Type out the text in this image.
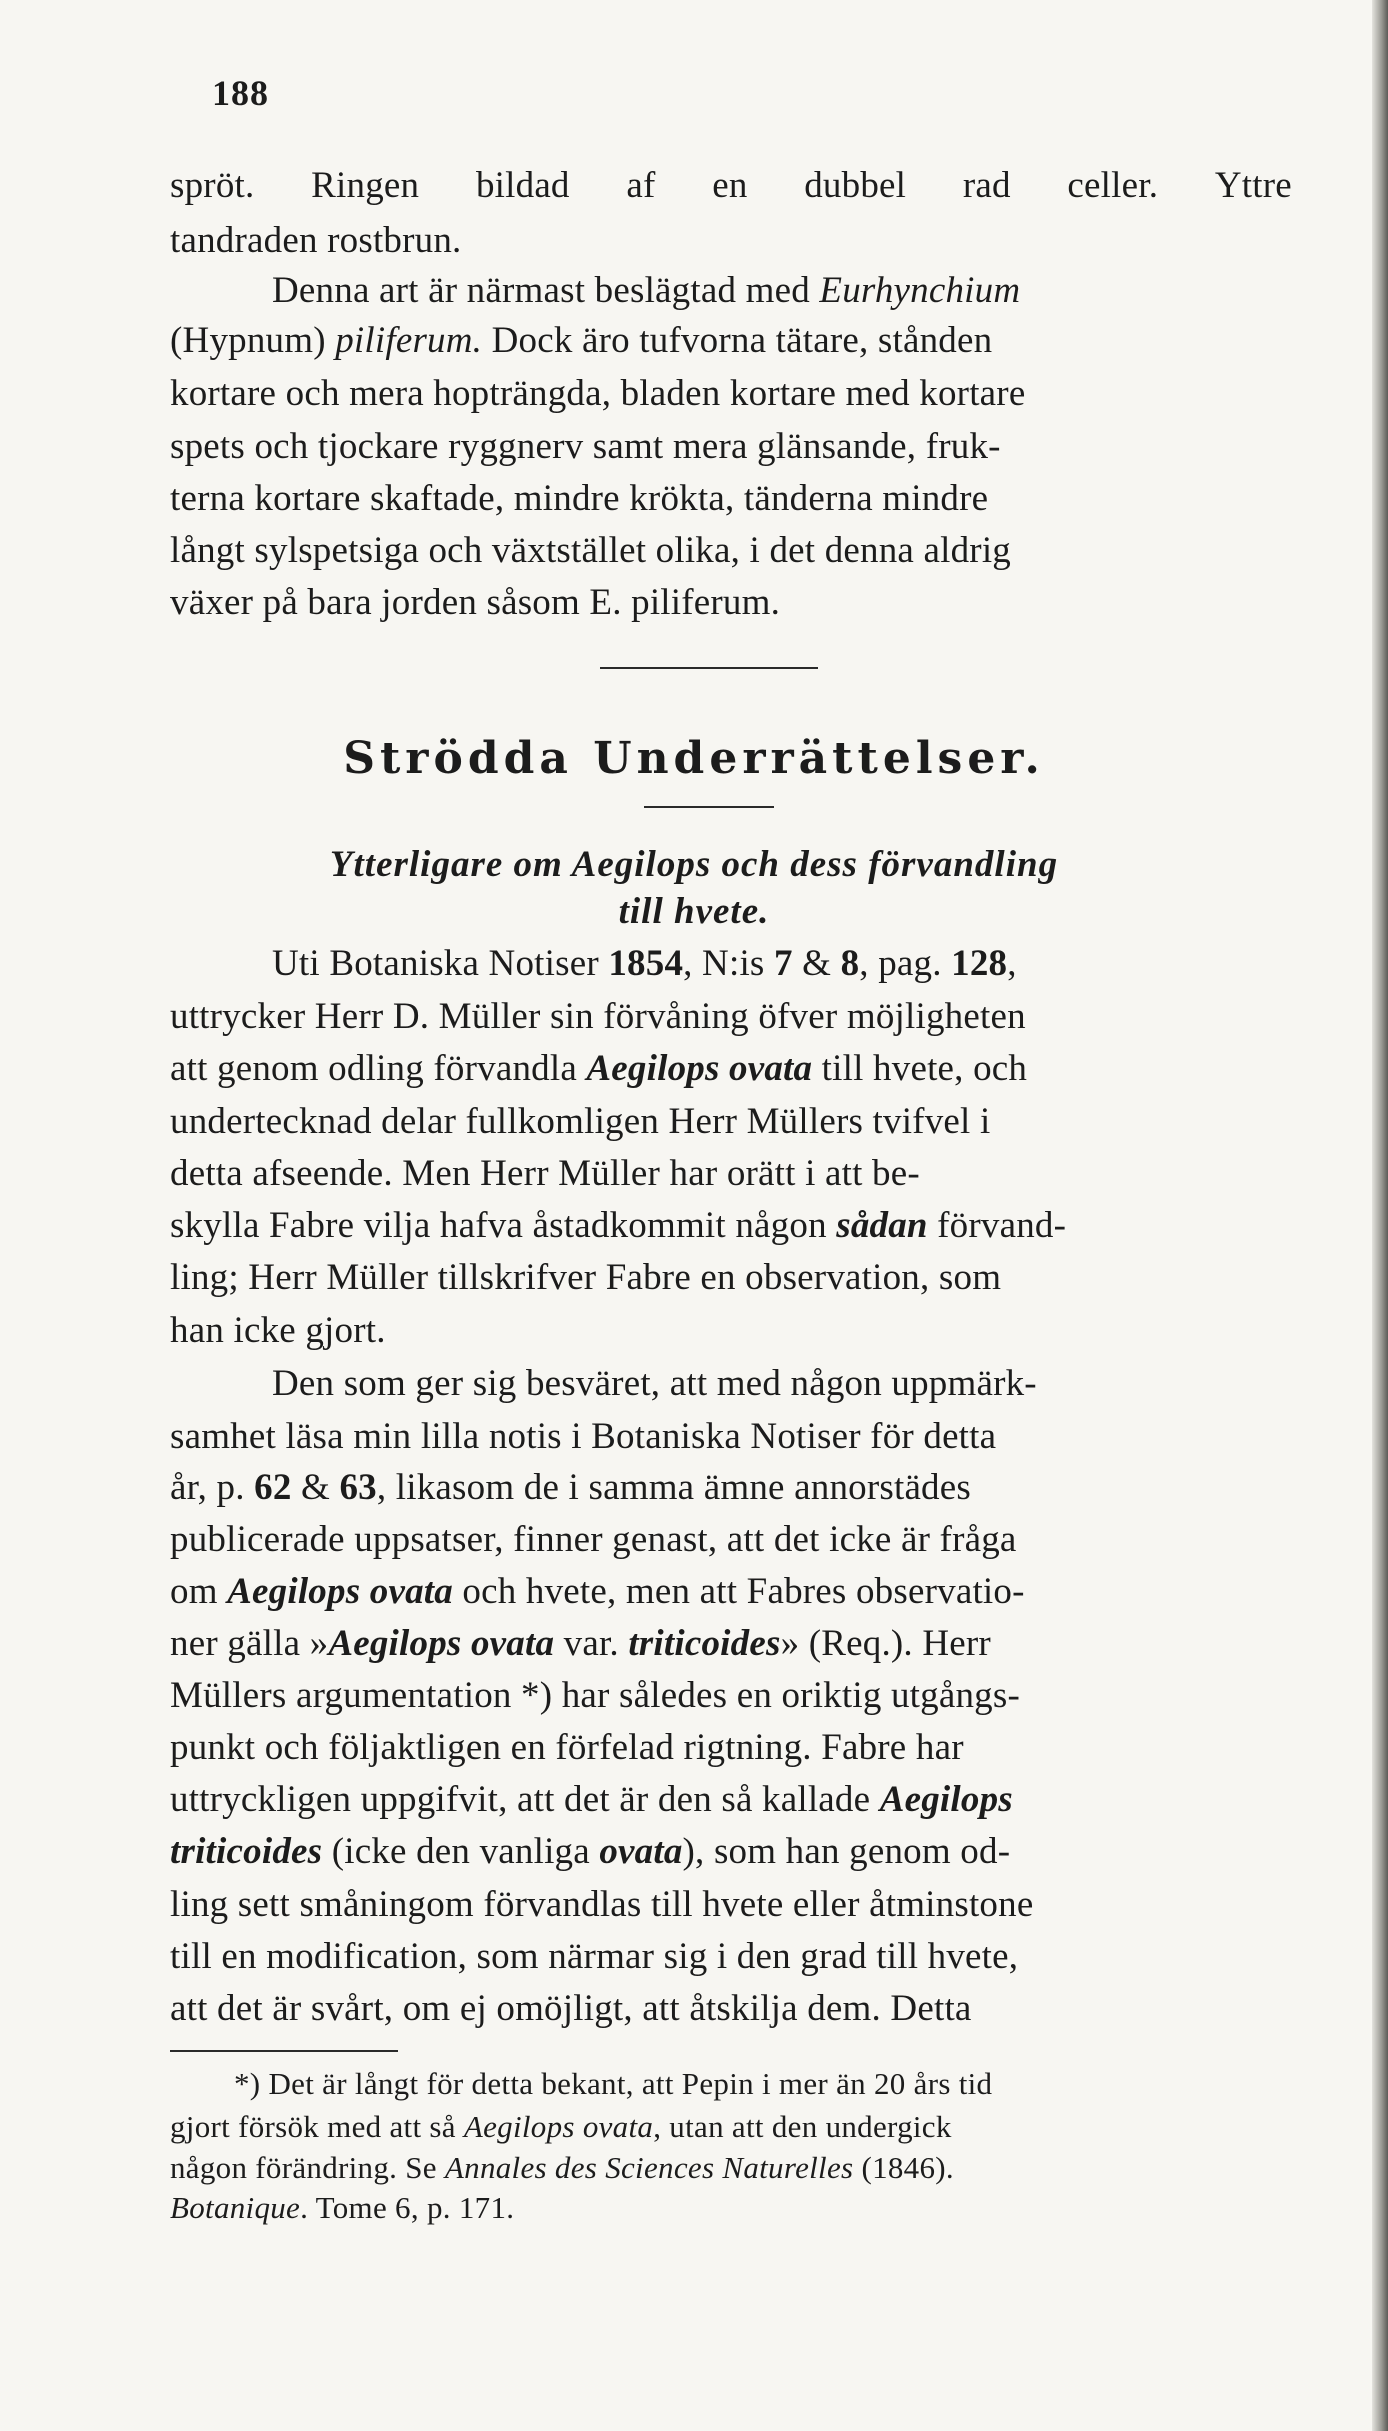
188
spröt. Ringen bildad af en dubbel rad celler. Yttre
tandraden rostbrun.
Denna art är närmast beslägtad med Eurhynchium
(Hypnum) piliferum. Dock äro tufvorna tätare, stånden
kortare och mera hopträngda, bladen kortare med kortare
spets och tjockare ryggnerv samt mera glänsande, fruk-
terna kortare skaftade, mindre krökta, tänderna mindre
långt sylspetsiga och växtstället olika, i det denna aldrig
växer på bara jorden såsom E. piliferum.
Strödda Underrättelser.
Ytterligare om Aegilops och dess förvandling
till hvete.
Uti Botaniska Notiser 1854, N:is 7 & 8, pag. 128,
uttrycker Herr D. Müller sin förvåning öfver möjligheten
att genom odling förvandla Aegilops ovata till hvete, och
undertecknad delar fullkomligen Herr Müllers tvifvel i
detta afseende. Men Herr Müller har orätt i att be-
skylla Fabre vilja hafva åstadkommit någon sådan förvand-
ling; Herr Müller tillskrifver Fabre en observation, som
han icke gjort.
Den som ger sig besväret, att med någon uppmärk-
samhet läsa min lilla notis i Botaniska Notiser för detta
år, p. 62 & 63, likasom de i samma ämne annorstädes
publicerade uppsatser, finner genast, att det icke är fråga
om Aegilops ovata och hvete, men att Fabres observatio-
ner gälla »Aegilops ovata var. triticoides» (Req.). Herr
Müllers argumentation *) har således en oriktig utgångs-
punkt och följaktligen en förfelad rigtning. Fabre har
uttryckligen uppgifvit, att det är den så kallade Aegilops
triticoides (icke den vanliga ovata), som han genom od-
ling sett småningom förvandlas till hvete eller åtminstone
till en modification, som närmar sig i den grad till hvete,
att det är svårt, om ej omöjligt, att åtskilja dem. Detta
*) Det är långt för detta bekant, att Pepin i mer än 20 års tid
gjort försök med att så Aegilops ovata, utan att den undergick
någon förändring. Se Annales des Sciences Naturelles (1846).
Botanique. Tome 6, p. 171.
